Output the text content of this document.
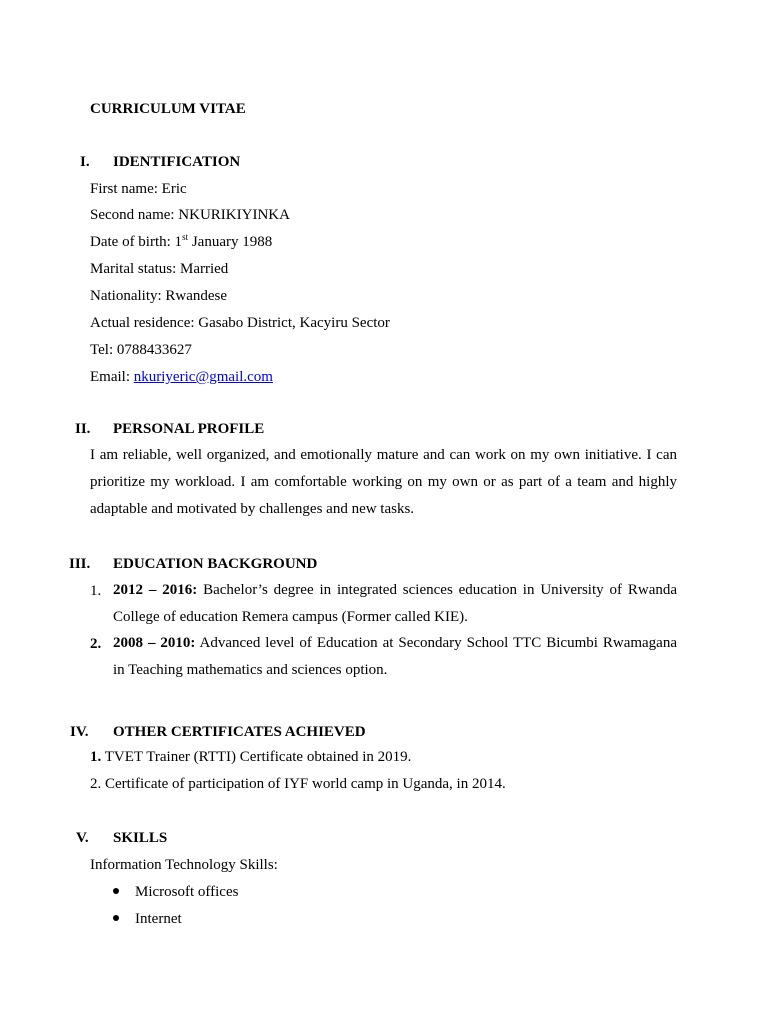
CURRICULUM VITAE
I. IDENTIFICATION
First name: Eric
Second name: NKURIKIYINKA
Date of birth: 1st January 1988
Marital status: Married
Nationality: Rwandese
Actual residence: Gasabo District, Kacyiru Sector
Tel: 0788433627
Email: nkuriyeric@gmail.com
II. PERSONAL PROFILE
I am reliable, well organized, and emotionally mature and can work on my own initiative. I can prioritize my workload. I am comfortable working on my own or as part of a team and highly adaptable and motivated by challenges and new tasks.
III. EDUCATION BACKGROUND
1. 2012 – 2016: Bachelor’s degree in integrated sciences education in University of Rwanda College of education Remera campus (Former called KIE).
2. 2008 – 2010: Advanced level of Education at Secondary School TTC Bicumbi Rwamagana in Teaching mathematics and sciences option.
IV. OTHER CERTIFICATES ACHIEVED
1. TVET Trainer (RTTI) Certificate obtained in 2019.
2. Certificate of participation of IYF world camp in Uganda, in 2014.
V. SKILLS
Information Technology Skills:
Microsoft offices
Internet
